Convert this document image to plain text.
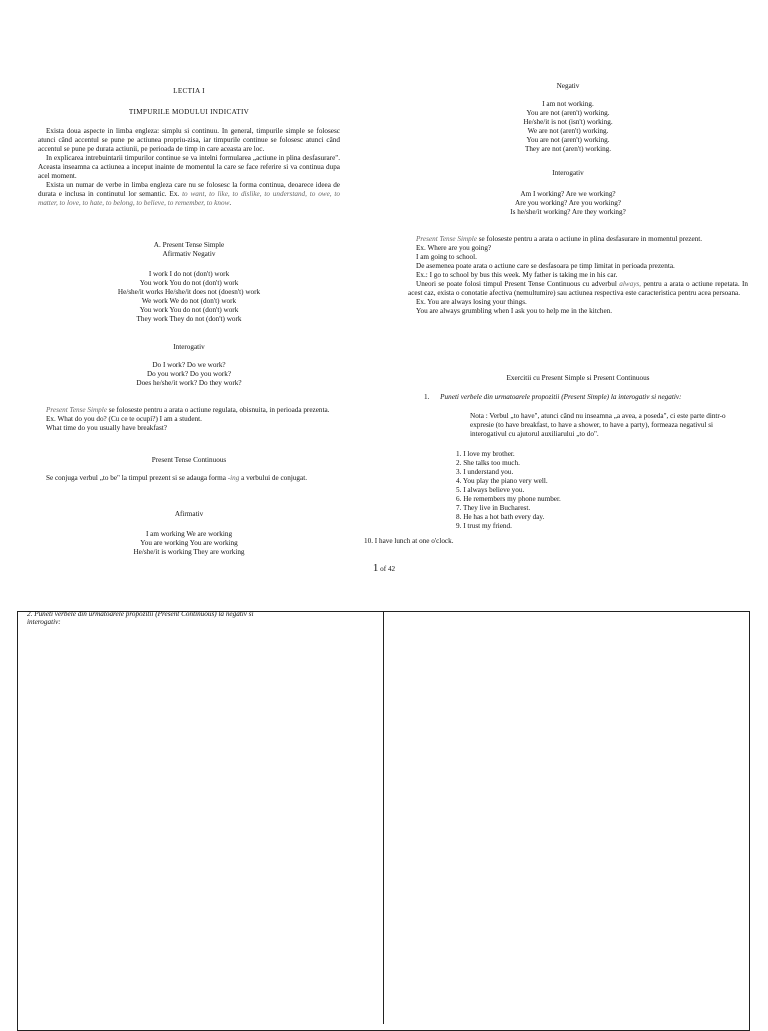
LECTIA I
TIMPURILE MODULUI INDICATIV

Exista doua aspecte in limba engleza: simplu si continuu. In general, timpurile simple se folosesc atunci când accentul se pune pe actiunea propriu-zisa, iar timpurile continue se folosesc atunci când accentul se pune pe durata actiunii, pe perioada de timp in care aceasta are loc.

In explicarea intrebuintarii timpurilor continue se va intelni formularea „actiune in plina desfasurare". Aceasta inseamna ca actiunea a inceput inainte de momentul la care se face referire si va continua dupa acel moment.

Exista un numar de verbe in limba engleza care nu se folosesc la forma continua, deoarece ideea de durata e inclusa in continutul lor semantic. Ex. to want, to like, to dislike, to understand, to owe, to matter, to love, to hate, to belong, to believe, to remember, to know.

A. Present Tense Simple
Afirmativ Negativ
I work I do not (don't) work
You work You do not (don't) work
He/she/it works He/she/it does not (doesn't) work
We work We do not (don't) work
You work You do not (don't) work
They work They do not (don't) work
Interogativ
Do I work? Do we work?
Do you work? Do you work?
Does he/she/it work? Do they work?

Present Tense Simple se foloseste pentru a arata o actiune regulata, obisnuita, in perioada prezenta.

Ex. What do you do? (Cu ce te ocupi?) I am a student.

What time do you usually have breakfast?

Present Tense Continuous

Se conjuga verbul „to be" la timpul prezent si se adauga forma -ing a verbului de conjugat.

Afirmativ
I am working We are working
You are working You are working
He/she/it is working They are working
Negativ
I am not working.
You are not (aren't) working.
He/she/it is not (isn't) working.
We are not (aren't) working.
You are not (aren't) working.
They are not (aren't) working.
Interogativ
Am I working? Are we working?
Are you working? Are you working?
Is he/she/it working? Are they working?

Present Tense Simple se foloseste pentru a arata o actiune in plina desfasurare in momentul prezent.

Ex. Where are you going?

I am going to school.

De asemenea poate arata o actiune care se desfasoara pe timp limitat in perioada prezenta.

Ex.: I go to school by bus this week. My father is taking me in his car.

Uneori se poate folosi timpul Present Tense Continuous cu adverbul always, pentru a arata o actiune repetata. In acest caz, exista o conotatie afectiva (nemultumire) sau actiunea respectiva este caracteristica pentru acea persoana.

Ex. You are always losing your things.

You are always grumbling when I ask you to help me in the kitchen.

Exercitii cu Present Simple si Present Continuous
1. Puneti verbele din urmatoarele propozitii (Present Simple) la interogativ si negativ:
Nota : Verbul „to have", atunci când nu inseamna „a avea, a poseda", ci este parte dintr-o expresie (to have breakfast, to have a shower, to have a party), formeaza negativul si interogativul cu ajutorul auxiliarului „to do".
1. I love my brother.
2. She talks too much.
3. I understand you.
4. You play the piano very well.
5. I always believe you.
6. He remembers my phone number.
7. They live in Bucharest.
8. He has a hot bath every day.
9. I trust my friend.
10. I have lunch at one o'clock.
1 of 42
2. Puneti verbele din urmatoarele propozitii (Present Continuous) la negativ si interogativ:
